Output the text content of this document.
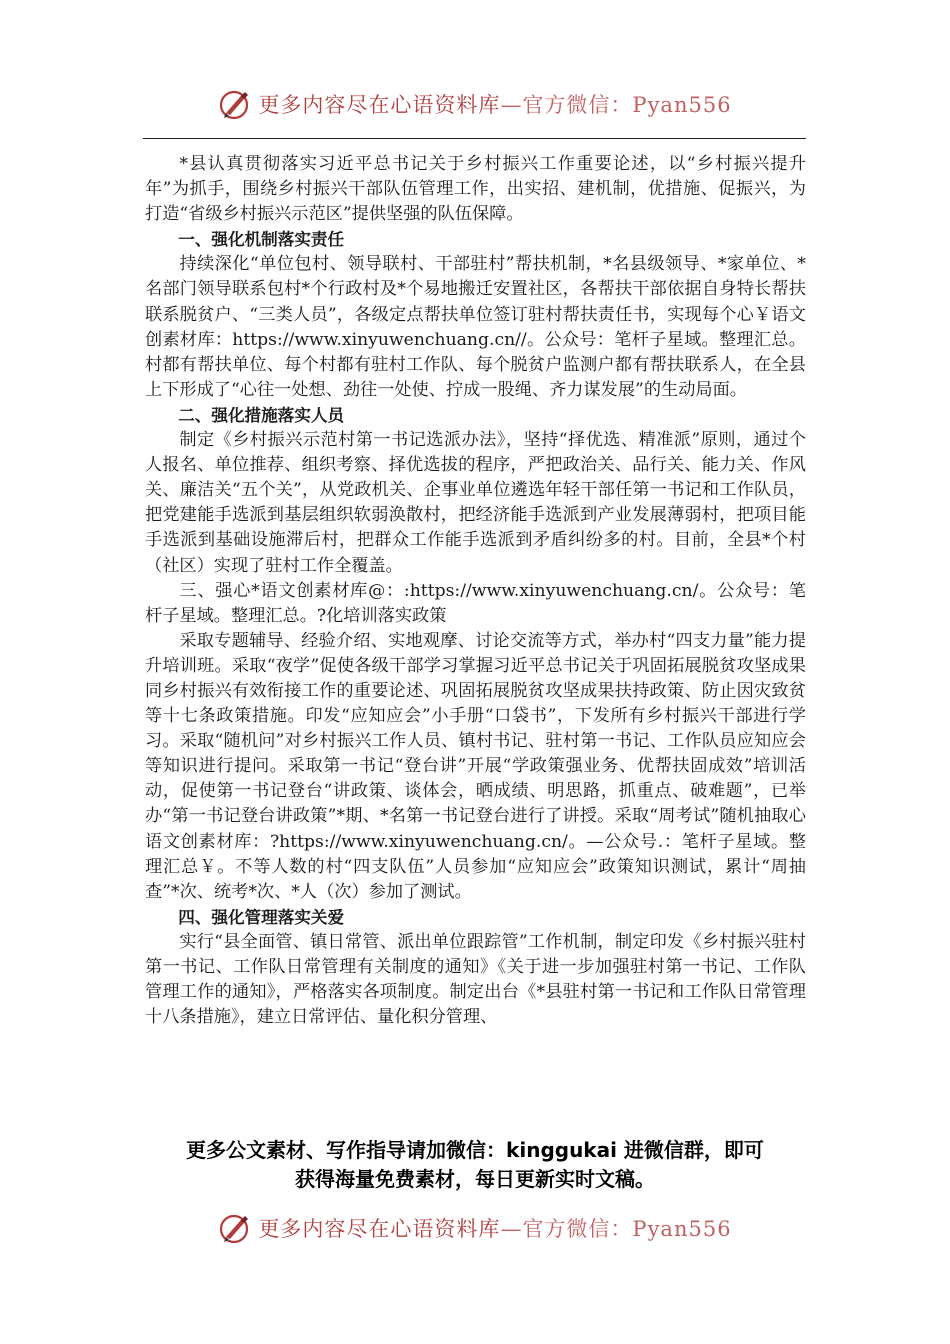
更多内容尽在心语资料库—官方微信：Pyan556

*县认真贯彻落实习近平总书记关于乡村振兴工作重要论述，以“乡村振兴提升年”为抓手，围绕乡村振兴干部队伍管理工作，出实招、建机制，优措施、促振兴，为打造“省级乡村振兴示范区”提供坚强的队伍保障。

一、强化机制落实责任

持续深化“单位包村、领导联村、干部驻村”帮扶机制，*名县级领导、*家单位、*名部门领导联系包村*个行政村及*个易地搬迁安置社区，各帮扶干部依据自身特长帮扶联系脱贫户、“三类人员”，各级定点帮扶单位签订驻村帮扶责任书，实现每个心￥语文创素材库：https://www.xinyuwenchuang.cn//。公众号：笔杆子星域。整理汇总。村都有帮扶单位、每个村都有驻村工作队、每个脱贫户监测户都有帮扶联系人，在全县上下形成了“心往一处想、劲往一处使、拧成一股绳、齐力谋发展”的生动局面。

二、强化措施落实人员

制定《乡村振兴示范村第一书记选派办法》，坚持“择优选、精准派”原则，通过个人报名、单位推荐、组织考察、择优选拔的程序，严把政治关、品行关、能力关、作风关、廉洁关“五个关”，从党政机关、企事业单位遴选年轻干部任第一书记和工作队员，把党建能手选派到基层组织软弱涣散村，把经济能手选派到产业发展薄弱村，把项目能手选派到基础设施滞后村，把群众工作能手选派到矛盾纠纷多的村。目前，全县*个村（社区）实现了驻村工作全覆盖。

三、强心*语文创素材库@：:https://www.xinyuwenchuang.cn/。公众号：笔杆子星域。整理汇总。?化培训落实政策

采取专题辅导、经验介绍、实地观摩、讨论交流等方式，举办村“四支力量”能力提升培训班。采取“夜学”促使各级干部学习掌握习近平总书记关于巩固拓展脱贫攻坚成果同乡村振兴有效衔接工作的重要论述、巩固拓展脱贫攻坚成果扶持政策、防止因灾致贫等十七条政策措施。印发“应知应会”小手册“口袋书”，下发所有乡村振兴干部进行学习。采取“随机问”对乡村振兴工作人员、镇村书记、驻村第一书记、工作队员应知应会等知识进行提问。采取第一书记“登台讲”开展“学政策强业务、优帮扶固成效”培训活动，促使第一书记登台“讲政策、谈体会，晒成绩、明思路，抓重点、破难题”，已举办“第一书记登台讲政策”*期、*名第一书记登台进行了讲授。采取“周考试”随机抽取心语文创素材库：?https://www.xinyuwenchuang.cn/。—公众号.：笔杆子星域。整理汇总￥。不等人数的村“四支队伍”人员参加“应知应会”政策知识测试，累计“周抽查”*次、统考*次、*人（次）参加了测试。

四、强化管理落实关爱

实行“县全面管、镇日常管、派出单位跟踪管”工作机制，制定印发《乡村振兴驻村第一书记、工作队日常管理有关制度的通知》《关于进一步加强驻村第一书记、工作队管理工作的通知》，严格落实各项制度。制定出台《*县驻村第一书记和工作队日常管理十八条措施》，建立日常评估、量化积分管理、

更多公文素材、写作指导请加微信：kinggukai 进微信群，即可
获得海量免费素材，每日更新实时文稿。
更多内容尽在心语资料库—官方微信：Pyan556
